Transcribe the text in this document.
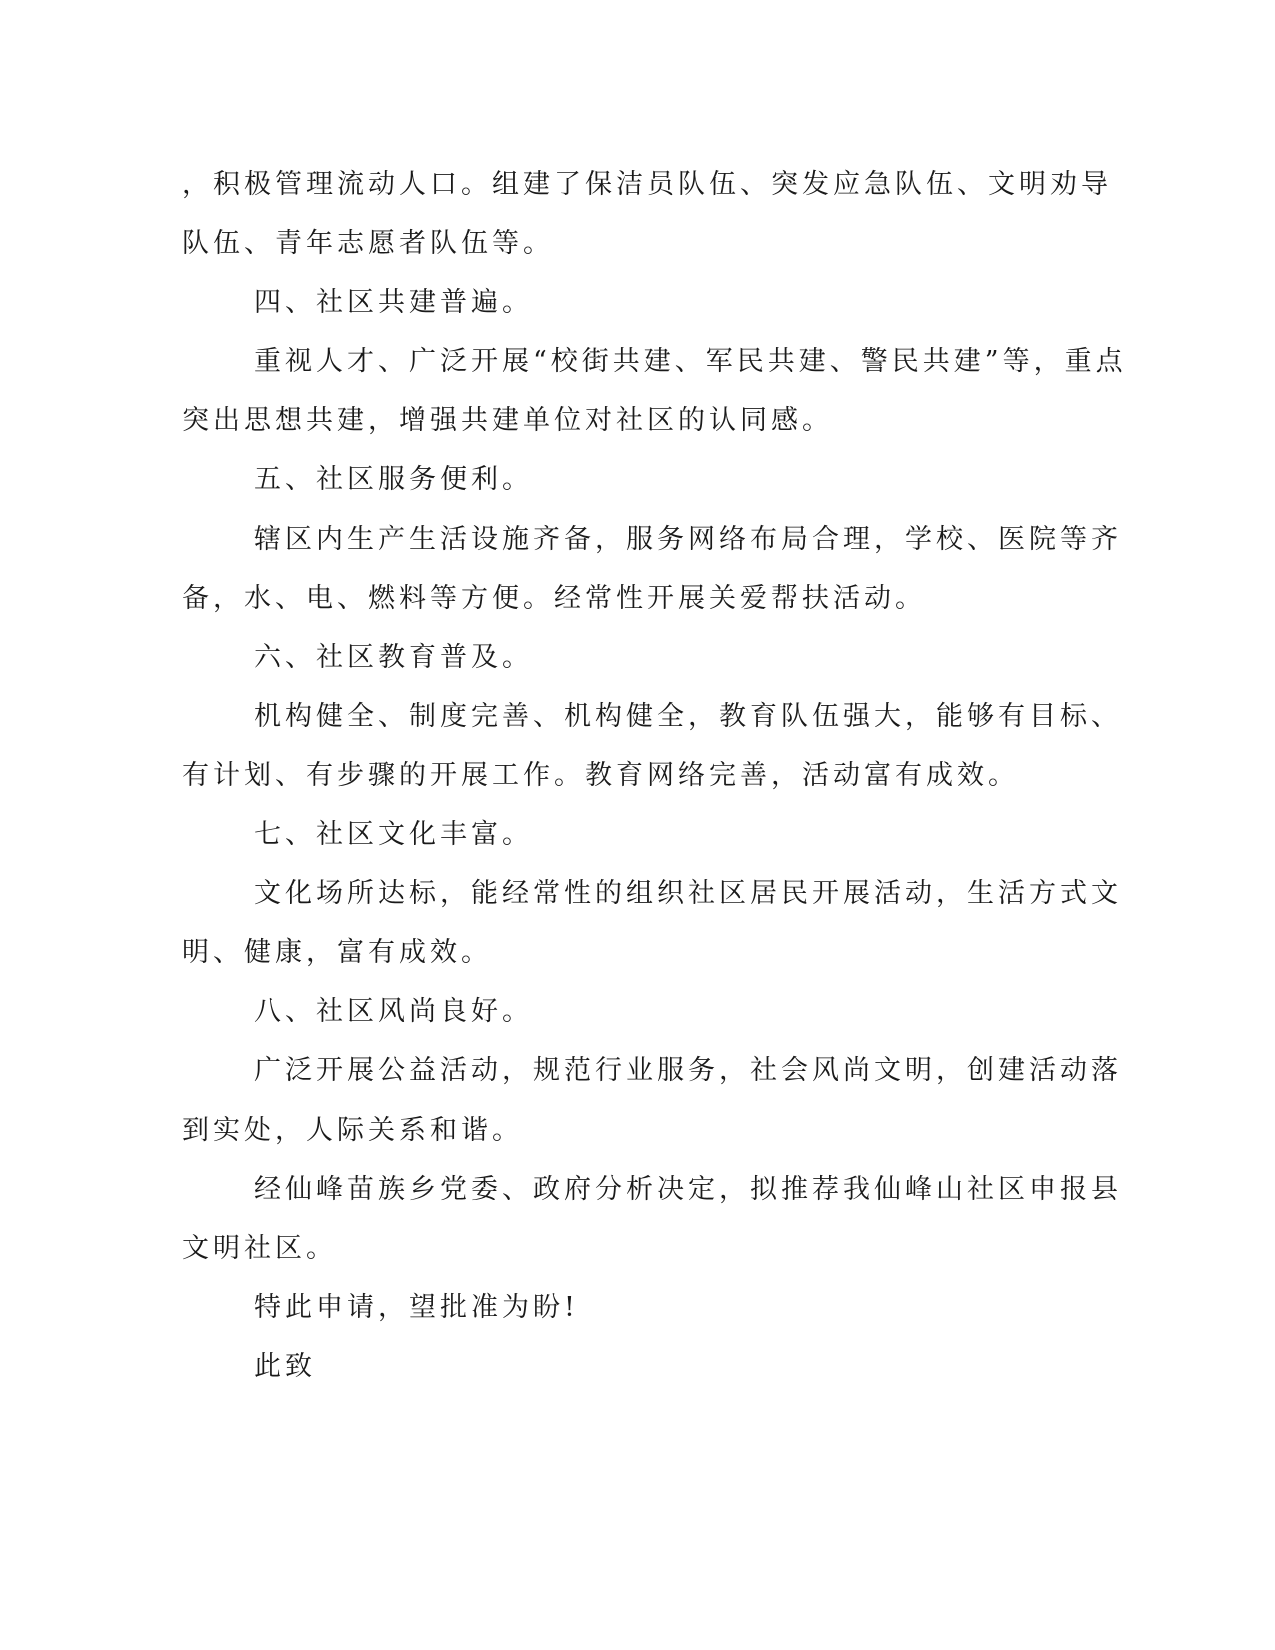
，积极管理流动人口。组建了保洁员队伍、突发应急队伍、文明劝导
队伍、青年志愿者队伍等。
四、社区共建普遍。
重视人才、广泛开展“校街共建、军民共建、警民共建”等，重点
突出思想共建，增强共建单位对社区的认同感。
五、社区服务便利。
辖区内生产生活设施齐备，服务网络布局合理，学校、医院等齐
备，水、电、燃料等方便。经常性开展关爱帮扶活动。
六、社区教育普及。
机构健全、制度完善、机构健全，教育队伍强大，能够有目标、
有计划、有步骤的开展工作。教育网络完善，活动富有成效。
七、社区文化丰富。
文化场所达标，能经常性的组织社区居民开展活动，生活方式文
明、健康，富有成效。
八、社区风尚良好。
广泛开展公益活动，规范行业服务，社会风尚文明，创建活动落
到实处，人际关系和谐。
经仙峰苗族乡党委、政府分析决定，拟推荐我仙峰山社区申报县
文明社区。
特此申请，望批准为盼!
此致
